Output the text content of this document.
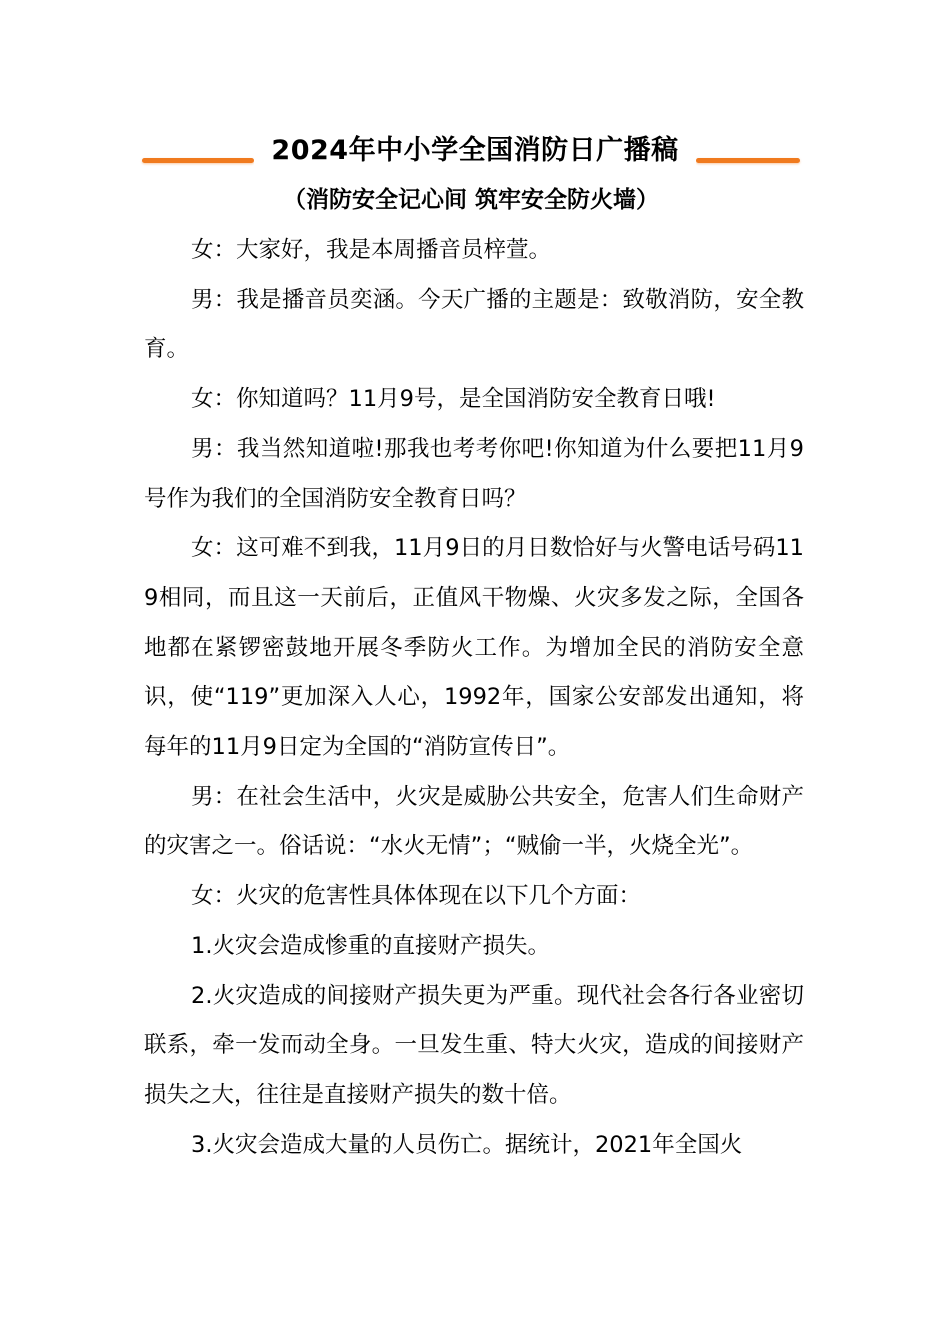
2024年中小学全国消防日广播稿
（消防安全记心间 筑牢安全防火墙）

女：大家好，我是本周播音员梓萱。

男：我是播音员奕涵。今天广播的主题是：致敬消防，安全教育。

女：你知道吗？11月9号，是全国消防安全教育日哦!

男：我当然知道啦!那我也考考你吧!你知道为什么要把11月9号作为我们的全国消防安全教育日吗？

女：这可难不到我，11月9日的月日数恰好与火警电话号码119相同，而且这一天前后，正值风干物燥、火灾多发之际，全国各地都在紧锣密鼓地开展冬季防火工作。为增加全民的消防安全意识，使“119”更加深入人心，1992年，国家公安部发出通知，将每年的11月9日定为全国的“消防宣传日”。

男：在社会生活中，火灾是威胁公共安全，危害人们生命财产的灾害之一。俗话说：“水火无情”；“贼偷一半，火烧全光”。

女：火灾的危害性具体体现在以下几个方面：

1.火灾会造成惨重的直接财产损失。

2.火灾造成的间接财产损失更为严重。现代社会各行各业密切联系，牵一发而动全身。一旦发生重、特大火灾，造成的间接财产损失之大，往往是直接财产损失的数十倍。

3.火灾会造成大量的人员伤亡。据统计，2021年全国火
